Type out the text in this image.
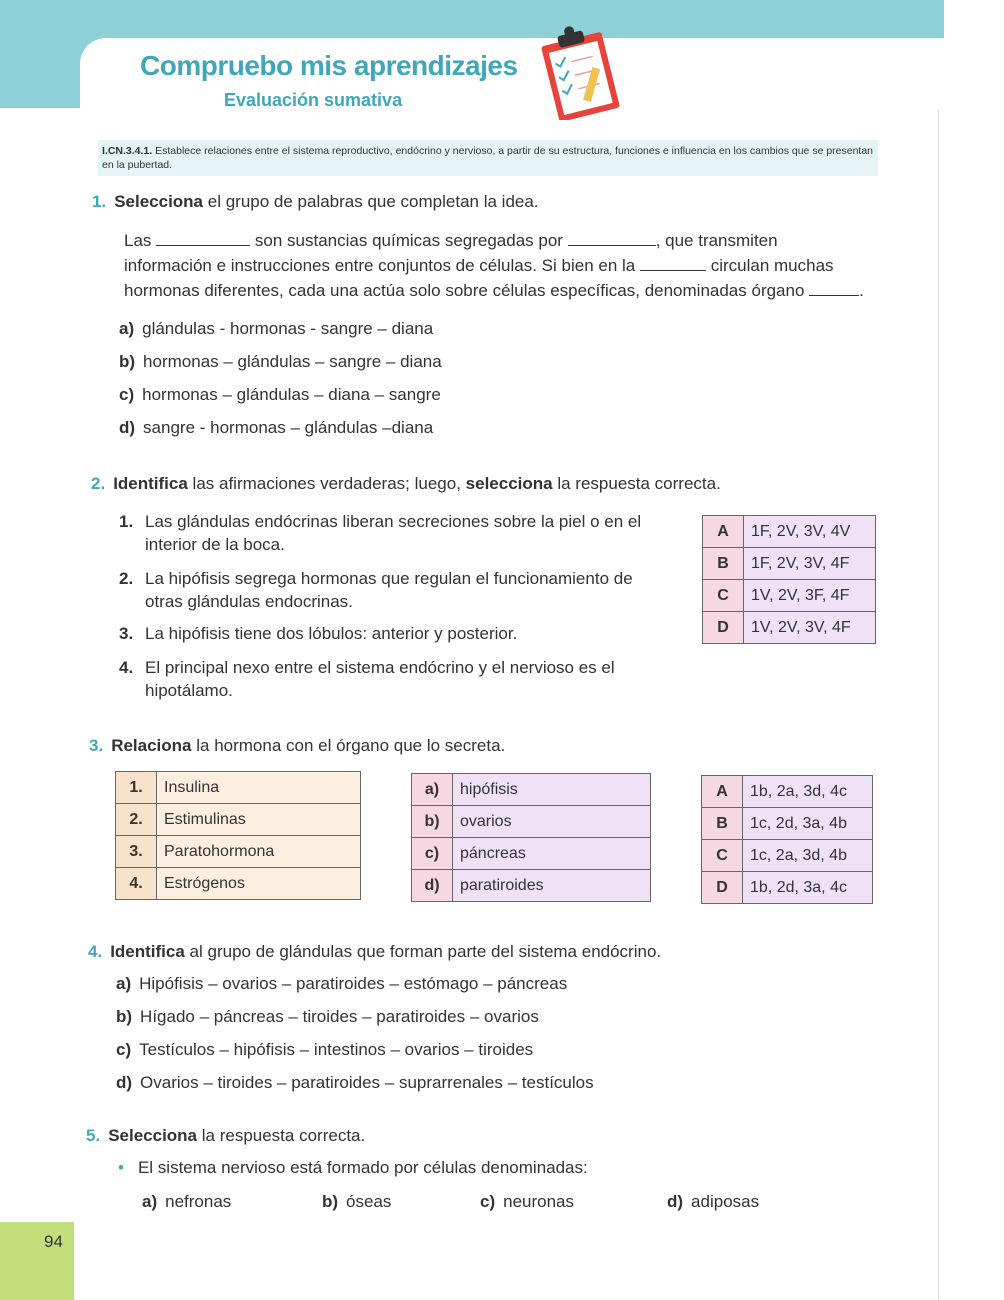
Compruebo mis aprendizajes
Evaluación sumativa
I.CN.3.4.1. Establece relaciones entre el sistema reproductivo, endócrino y nervioso, a partir de su estructura, funciones e influencia en los cambios que se presentan en la pubertad.
1. Selecciona el grupo de palabras que completan la idea.
Las	son sustancias químicas segregadas por	, que transmiten
información e instrucciones entre conjuntos de células. Si bien en la	circulan muchas
hormonas diferentes, cada una actúa solo sobre células específicas, denominadas órgano	.
a) glándulas - hormonas - sangre – diana
b) hormonas – glándulas – sangre – diana
c) hormonas – glándulas – diana – sangre
d) sangre - hormonas – glándulas –diana
2. Identifica las afirmaciones verdaderas; luego, selecciona la respuesta correcta.
1. Las glándulas endócrinas liberan secreciones sobre la piel o en el interior de la boca.
2. La hipófisis segrega hormonas que regulan el funcionamiento de otras glándulas endocrinas.
3. La hipófisis tiene dos lóbulos: anterior y posterior.
4. El principal nexo entre el sistema endócrino y el nervioso es el hipotálamo.
A	1F, 2V, 3V, 4V
B	1F, 2V, 3V, 4F
C	1V, 2V, 3F, 4F
D	1V, 2V, 3V, 4F
3. Relaciona la hormona con el órgano que lo secreta.
1.	Insulina
2.	Estimulinas
3.	Paratohormona
4.	Estrógenos
a)	hipófisis
b)	ovarios
c)	páncreas
d)	paratiroides
A	1b, 2a, 3d, 4c
B	1c, 2d, 3a, 4b
C	1c, 2a, 3d, 4b
D	1b, 2d, 3a, 4c
4. Identifica al grupo de glándulas que forman parte del sistema endócrino.
a) Hipófisis – ovarios – paratiroides – estómago – páncreas
b) Hígado – páncreas – tiroides – paratiroides – ovarios
c) Testículos – hipófisis – intestinos – ovarios – tiroides
d) Ovarios – tiroides – paratiroides – suprarrenales – testículos
5. Selecciona la respuesta correcta.
• El sistema nervioso está formado por células denominadas:
a) nefronas	b) óseas	c) neuronas	d) adiposas
94
